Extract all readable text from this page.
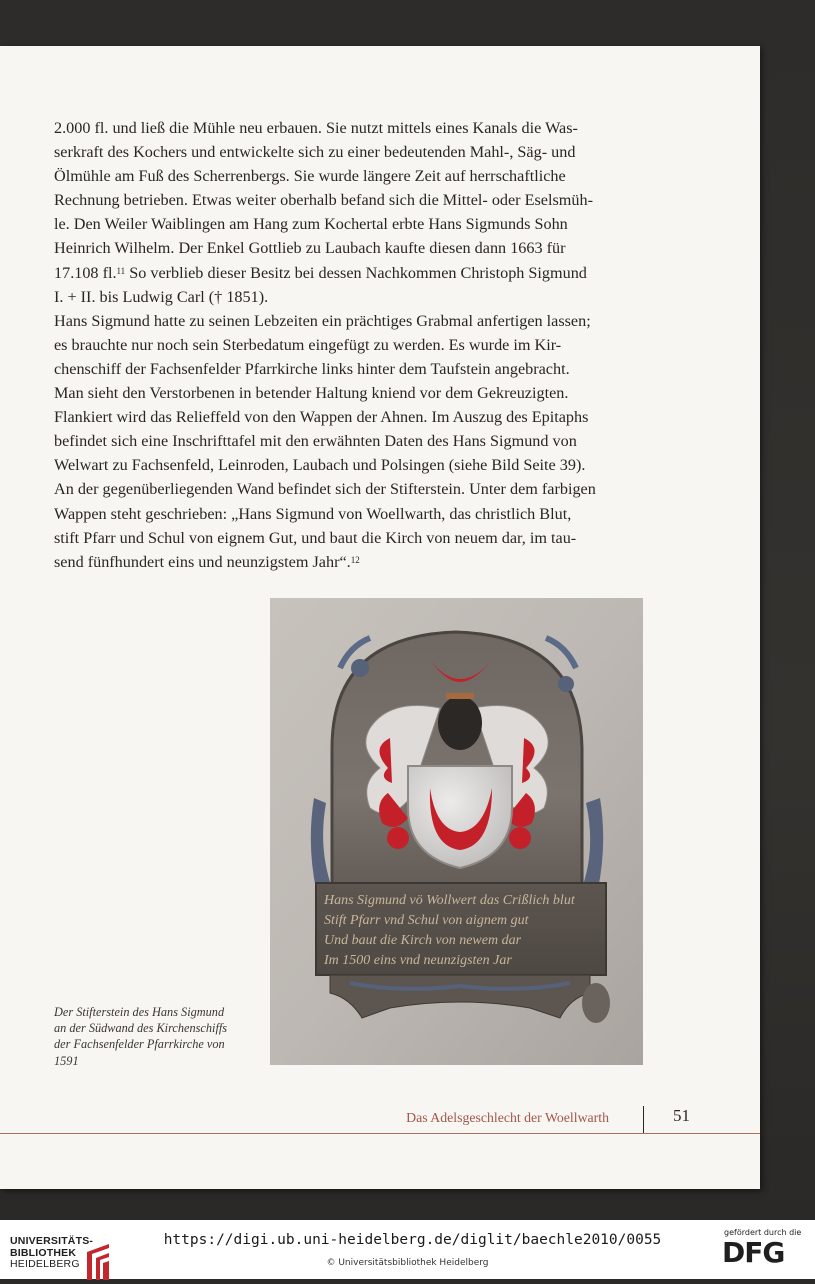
2.000 fl. und ließ die Mühle neu erbauen. Sie nutzt mittels eines Kanals die Was-
serkraft des Kochers und entwickelte sich zu einer bedeutenden Mahl-, Säg- und
Ölmühle am Fuß des Scherrenbergs. Sie wurde längere Zeit auf herrschaftliche
Rechnung betrieben. Etwas weiter oberhalb befand sich die Mittel- oder Eselsmüh-
le. Den Weiler Waiblingen am Hang zum Kochertal erbte Hans Sigmunds Sohn
Heinrich Wilhelm. Der Enkel Gottlieb zu Laubach kaufte diesen dann 1663 für
17.108 fl.$^{11}$ So verblieb dieser Besitz bei dessen Nachkommen Christoph Sigmund
I. + II. bis Ludwig Carl († 1851).

Hans Sigmund hatte zu seinen Lebzeiten ein prächtiges Grabmal anfertigen lassen;
es brauchte nur noch sein Sterbedatum eingefügt zu werden. Es wurde im Kir-
chenschiff der Fachsenfelder Pfarrkirche links hinter dem Taufstein angebracht.
Man sieht den Verstorbenen in betender Haltung kniend vor dem Gekreuzigten.
Flankiert wird das Relieffeld von den Wappen der Ahnen. Im Auszug des Epitaphs
befindet sich eine Inschrifttafel mit den erwähnten Daten des Hans Sigmund von
Welwart zu Fachsenfeld, Leinroden, Laubach und Polsingen (siehe Bild Seite 39).
An der gegenüberliegenden Wand befindet sich der Stifterstein. Unter dem farbigen
Wappen steht geschrieben: „Hans Sigmund von Woellwarth, das christlich Blut,
stift Pfarr und Schul von eignem Gut, und baut die Kirch von neuem dar, im tau-
send fünfhundert eins und neunzigstem Jahr“.$^{12}$

Hans Sigmund vö Wollwert das Crißlich blut
Stift Pfarr vnd Schul von aignem gut
Und baut die Kirch von newem dar
Im 1500 eins vnd neunzigsten Jar
Der Stifterstein des Hans Sigmund
an der Südwand des Kirchenschiffs
der Fachsenfelder Pfarrkirche von
1591
Das Adelsgeschlecht der Woellwarth	51
UNIVERSITÄTS-
BIBLIOTHEK
HEIDELBERG
https://digi.ub.uni-heidelberg.de/diglit/baechle2010/0055
© Universitätsbibliothek Heidelberg
gefördert durch die
DFG
